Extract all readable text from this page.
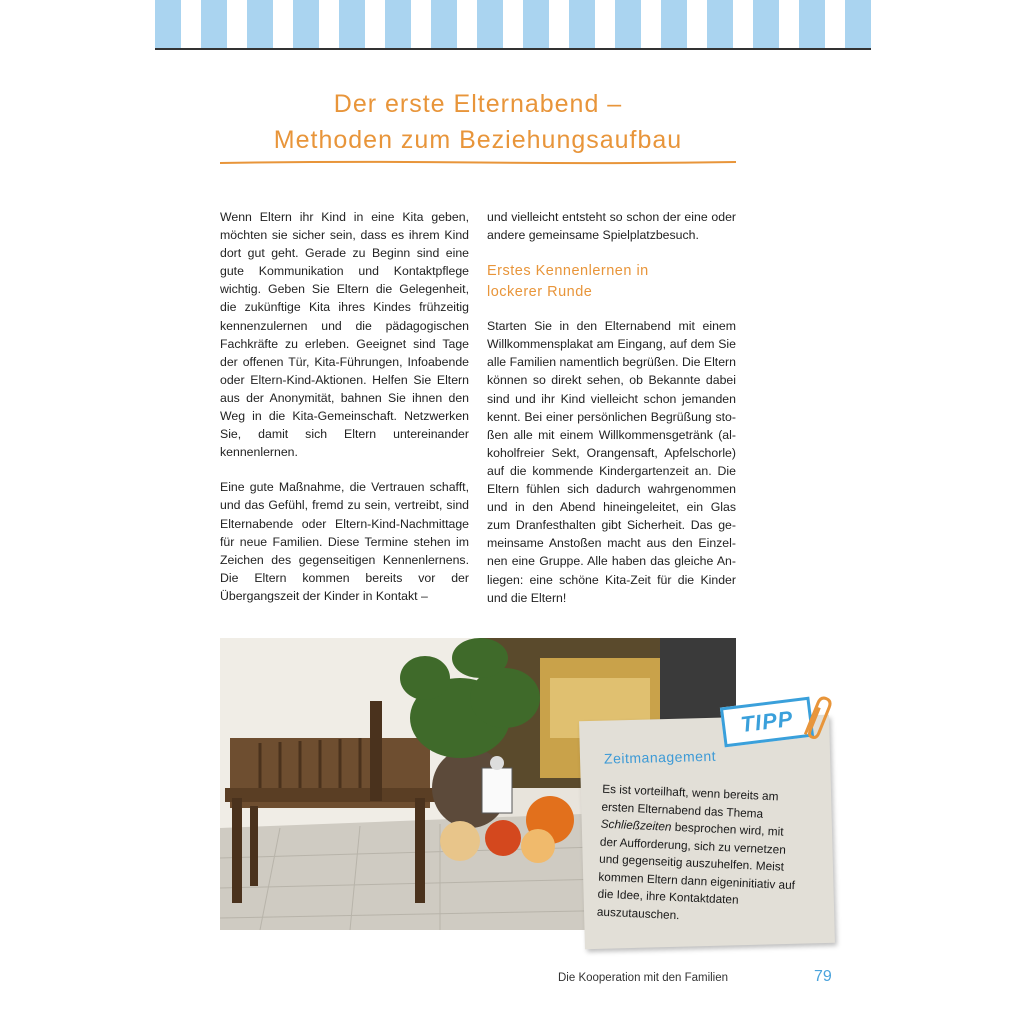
Der erste Elternabend –
Methoden zum Beziehungsaufbau

Wenn Eltern ihr Kind in eine Kita geben, möchten sie sicher sein, dass es ihrem Kind dort gut geht. Gerade zu Beginn sind eine gute Kommunikation und Kontaktpflege wichtig. Geben Sie Eltern die Gelegenheit, die zukünftige Kita ihres Kindes frühzeitig kennenzulernen und die pädagogischen Fachkräfte zu erleben. Geeignet sind Tage der offenen Tür, Kita-Führungen, Infoabende oder Eltern-Kind-Aktionen. Helfen Sie Eltern aus der Anonymität, bahnen Sie ihnen den Weg in die Kita-Gemeinschaft. Netzwerken Sie, damit sich Eltern untereinander kennenlernen.

Eine gute Maßnahme, die Vertrauen schafft, und das Gefühl, fremd zu sein, vertreibt, sind Elternabende oder Eltern-Kind-Nachmittage für neue Familien. Diese Termine stehen im Zeichen des gegenseitigen Kennenlernens. Die Eltern kommen bereits vor der Übergangszeit der Kinder in Kontakt –

und vielleicht entsteht so schon der eine oder andere gemeinsame Spielplatzbesuch.

Erstes Kennenlernen in
lockerer Runde

Starten Sie in den Elternabend mit einem Willkommensplakat am Eingang, auf dem Sie alle Familien namentlich begrüßen. Die Eltern können so direkt sehen, ob Bekannte dabei sind und ihr Kind vielleicht schon jemanden kennt. Bei einer persönlichen Begrüßung stoßen alle mit einem Willkommensgetränk (alkoholfreier Sekt, Orangensaft, Apfelschorle) auf die kommende Kindergartenzeit an. Die Eltern fühlen sich dadurch wahrgenommen und in den Abend hineingeleitet, ein Glas zum Dranfesthalten gibt Sicherheit. Das gemeinsame Anstoßen macht aus den Einzelnen eine Gruppe. Alle haben das gleiche Anliegen: eine schöne Kita-Zeit für die Kinder und die Eltern!

Zeitmanagement
Es ist vorteilhaft, wenn bereits am ersten Elternabend das Thema Schließzeiten besprochen wird, mit der Aufforderung, sich zu vernetzen und gegenseitig auszuhelfen. Meist kommen Eltern dann eigeninitiativ auf die Idee, ihre Kontaktdaten auszutauschen.
TIPP
Die Kooperation mit den Familien	79
